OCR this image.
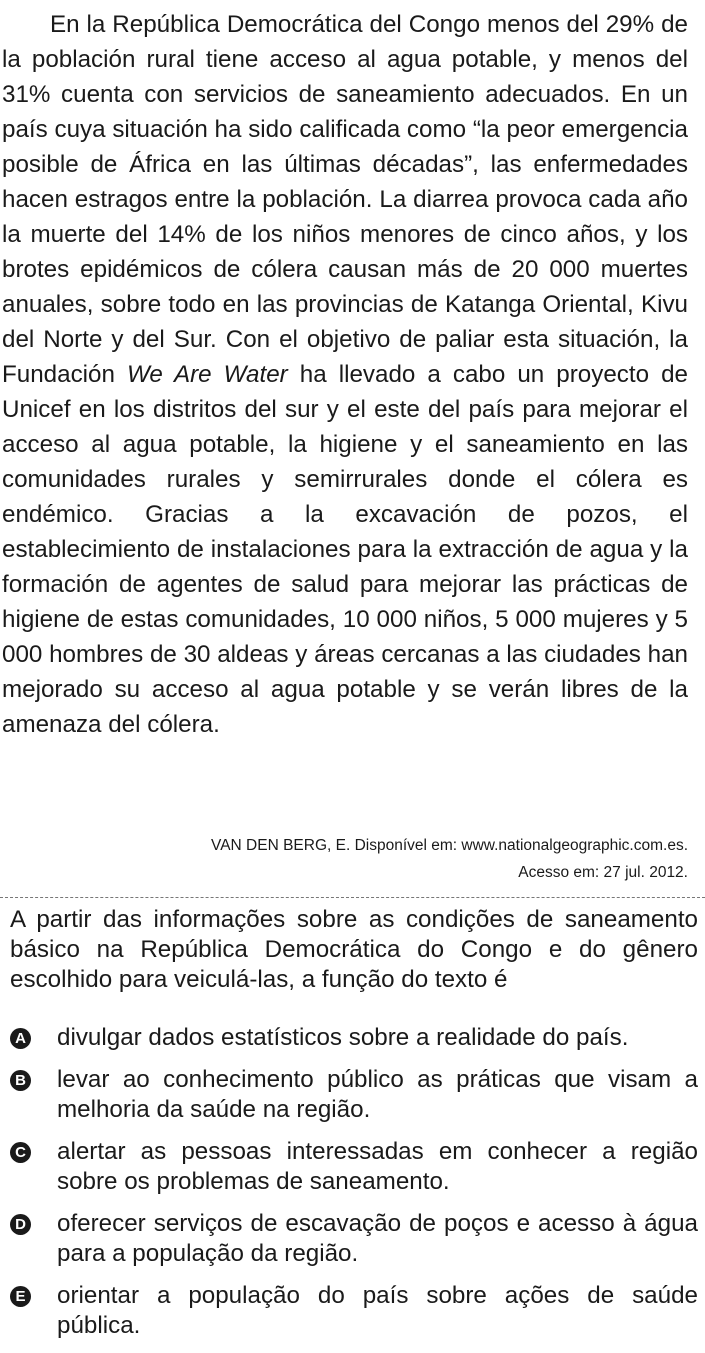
En la República Democrática del Congo menos del 29% de la población rural tiene acceso al agua potable, y menos del 31% cuenta con servicios de saneamiento adecuados. En un país cuya situación ha sido calificada como “la peor emergencia posible de África en las últimas décadas”, las enfermedades hacen estragos entre la población. La diarrea provoca cada año la muerte del 14% de los niños menores de cinco años, y los brotes epidémicos de cólera causan más de 20 000 muertes anuales, sobre todo en las provincias de Katanga Oriental, Kivu del Norte y del Sur. Con el objetivo de paliar esta situación, la Fundación We Are Water ha llevado a cabo un proyecto de Unicef en los distritos del sur y el este del país para mejorar el acceso al agua potable, la higiene y el saneamiento en las comunidades rurales y semirrurales donde el cólera es endémico. Gracias a la excavación de pozos, el establecimiento de instalaciones para la extracción de agua y la formación de agentes de salud para mejorar las prácticas de higiene de estas comunidades, 10 000 niños, 5 000 mujeres y 5 000 hombres de 30 aldeas y áreas cercanas a las ciudades han mejorado su acceso al agua potable y se verán libres de la amenaza del cólera.

VAN DEN BERG, E. Disponível em: www.nationalgeographic.com.es.
Acesso em: 27 jul. 2012.

A partir das informações sobre as condições de saneamento básico na República Democrática do Congo e do gênero escolhido para veiculá-las, a função do texto é

A divulgar dados estatísticos sobre a realidade do país.
B levar ao conhecimento público as práticas que visam a melhoria da saúde na região.
C alertar as pessoas interessadas em conhecer a região sobre os problemas de saneamento.
D oferecer serviços de escavação de poços e acesso à água para a população da região.
E orientar a população do país sobre ações de saúde pública.
